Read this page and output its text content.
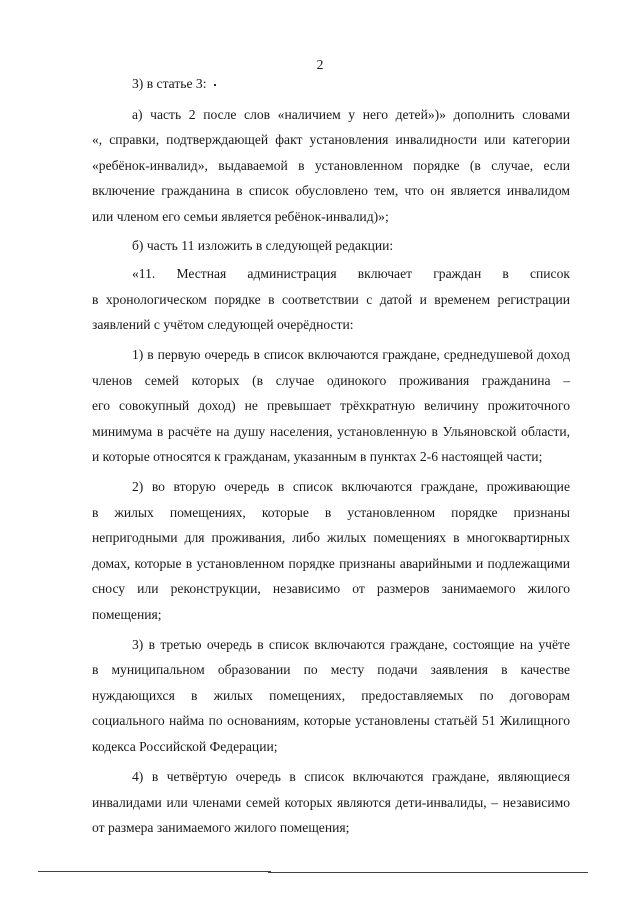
2
3) в статье 3:
а) часть 2 после слов «наличием у него детей»)» дополнить словами
«, справки, подтверждающей факт установления инвалидности или категории
«ребёнок-инвалид», выдаваемой в установленном порядке (в случае, если
включение гражданина в список обусловлено тем, что он является инвалидом
или членом его семьи является ребёнок-инвалид)»;
б) часть 11 изложить в следующей редакции:
«11. Местная администрация включает граждан в список
в хронологическом порядке в соответствии с датой и временем регистрации
заявлений с учётом следующей очерёдности:
1) в первую очередь в список включаются граждане, среднедушевой доход
членов семей которых (в случае одинокого проживания гражданина –
его совокупный доход) не превышает трёхкратную величину прожиточного
минимума в расчёте на душу населения, установленную в Ульяновской области,
и которые относятся к гражданам, указанным в пунктах 2-6 настоящей части;
2) во вторую очередь в список включаются граждане, проживающие
в жилых помещениях, которые в установленном порядке признаны
непригодными для проживания, либо жилых помещениях в многоквартирных
домах, которые в установленном порядке признаны аварийными и подлежащими
сносу или реконструкции, независимо от размеров занимаемого жилого
помещения;
3) в третью очередь в список включаются граждане, состоящие на учёте
в муниципальном образовании по месту подачи заявления в качестве
нуждающихся в жилых помещениях, предоставляемых по договорам
социального найма по основаниям, которые установлены статьёй 51 Жилищного
кодекса Российской Федерации;
4) в четвёртую очередь в список включаются граждане, являющиеся
инвалидами или членами семей которых являются дети-инвалиды, – независимо
от размера занимаемого жилого помещения;
